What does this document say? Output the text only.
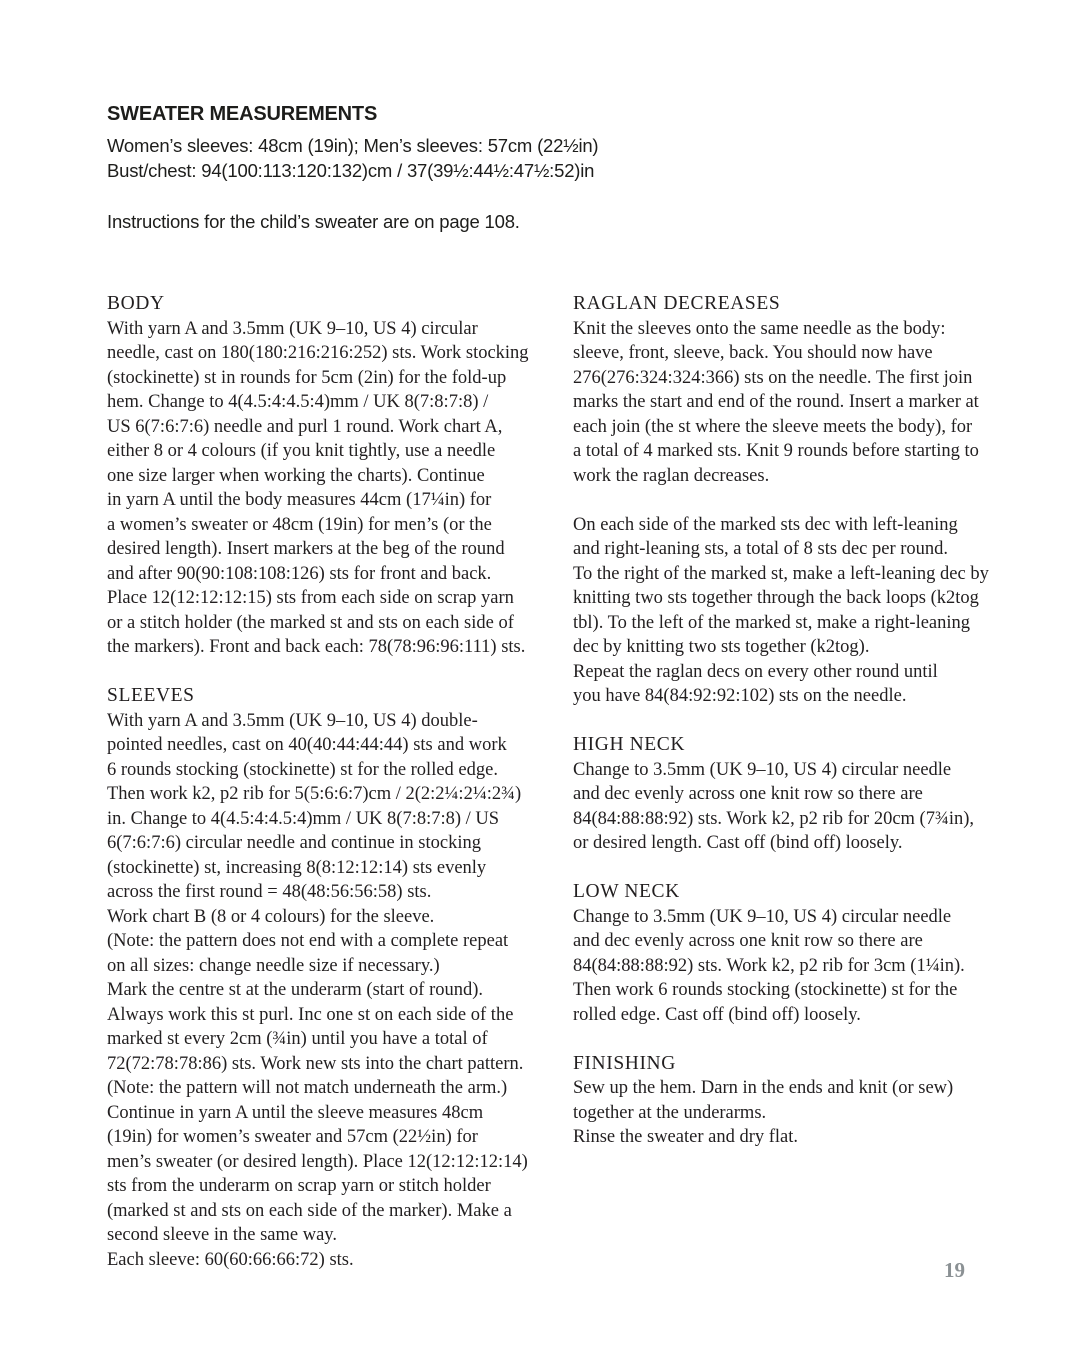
SWEATER MEASUREMENTS
Women’s sleeves: 48cm (19in); Men’s sleeves: 57cm (22½in)
Bust/chest: 94(100:113:120:132)cm / 37(39½:44½:47½:52)in
Instructions for the child’s sweater are on page 108.
BODY
With yarn A and 3.5mm (UK 9–10, US 4) circular
needle, cast on 180(180:216:216:252) sts. Work stocking
(stockinette) st in rounds for 5cm (2in) for the fold-up
hem. Change to 4(4.5:4:4.5:4)mm / UK 8(7:8:7:8) /
US 6(7:6:7:6) needle and purl 1 round. Work chart A,
either 8 or 4 colours (if you knit tightly, use a needle
one size larger when working the charts). Continue
in yarn A until the body measures 44cm (17¼in) for
a women’s sweater or 48cm (19in) for men’s (or the
desired length). Insert markers at the beg of the round
and after 90(90:108:108:126) sts for front and back.
Place 12(12:12:12:15) sts from each side on scrap yarn
or a stitch holder (the marked st and sts on each side of
the markers). Front and back each: 78(78:96:96:111) sts.
SLEEVES
With yarn A and 3.5mm (UK 9–10, US 4) double-
pointed needles, cast on 40(40:44:44:44) sts and work
6 rounds stocking (stockinette) st for the rolled edge.
Then work k2, p2 rib for 5(5:6:6:7)cm / 2(2:2¼:2¼:2¾)
in. Change to 4(4.5:4:4.5:4)mm / UK 8(7:8:7:8) / US
6(7:6:7:6) circular needle and continue in stocking
(stockinette) st, increasing 8(8:12:12:14) sts evenly
across the first round = 48(48:56:56:58) sts.
Work chart B (8 or 4 colours) for the sleeve.
(Note: the pattern does not end with a complete repeat
on all sizes: change needle size if necessary.)
Mark the centre st at the underarm (start of round).
Always work this st purl. Inc one st on each side of the
marked st every 2cm (¾in) until you have a total of
72(72:78:78:86) sts. Work new sts into the chart pattern.
(Note: the pattern will not match underneath the arm.)
Continue in yarn A until the sleeve measures 48cm
(19in) for women’s sweater and 57cm (22½in) for
men’s sweater (or desired length). Place 12(12:12:12:14)
sts from the underarm on scrap yarn or stitch holder
(marked st and sts on each side of the marker). Make a
second sleeve in the same way.
Each sleeve: 60(60:66:66:72) sts.
RAGLAN DECREASES
Knit the sleeves onto the same needle as the body:
sleeve, front, sleeve, back. You should now have
276(276:324:324:366) sts on the needle. The first join
marks the start and end of the round. Insert a marker at
each join (the st where the sleeve meets the body), for
a total of 4 marked sts. Knit 9 rounds before starting to
work the raglan decreases.
On each side of the marked sts dec with left-leaning
and right-leaning sts, a total of 8 sts dec per round.
To the right of the marked st, make a left-leaning dec by
knitting two sts together through the back loops (k2tog
tbl). To the left of the marked st, make a right-leaning
dec by knitting two sts together (k2tog).
Repeat the raglan decs on every other round until
you have 84(84:92:92:102) sts on the needle.
HIGH NECK
Change to 3.5mm (UK 9–10, US 4) circular needle
and dec evenly across one knit row so there are
84(84:88:88:92) sts. Work k2, p2 rib for 20cm (7¾in),
or desired length. Cast off (bind off) loosely.
LOW NECK
Change to 3.5mm (UK 9–10, US 4) circular needle
and dec evenly across one knit row so there are
84(84:88:88:92) sts. Work k2, p2 rib for 3cm (1¼in).
Then work 6 rounds stocking (stockinette) st for the
rolled edge. Cast off (bind off) loosely.
FINISHING
Sew up the hem. Darn in the ends and knit (or sew)
together at the underarms.
Rinse the sweater and dry flat.
19
